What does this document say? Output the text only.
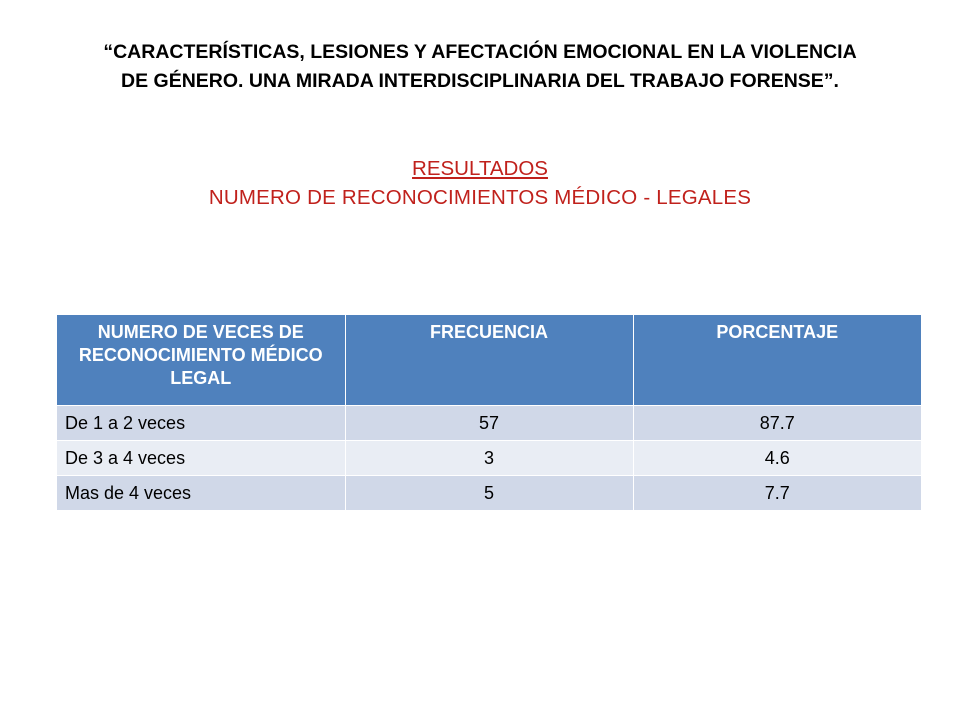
“CARACTERÍSTICAS, LESIONES Y AFECTACIÓN EMOCIONAL EN LA VIOLENCIA
DE GÉNERO. UNA MIRADA INTERDISCIPLINARIA DEL TRABAJO FORENSE”.
RESULTADOS
NUMERO DE RECONOCIMIENTOS MÉDICO - LEGALES
NUMERO DE VECES DE RECONOCIMIENTO MÉDICO LEGAL	FRECUENCIA	PORCENTAJE
De 1 a 2 veces	57	87.7
De 3 a 4 veces	3	4.6
Mas de 4 veces	5	7.7
